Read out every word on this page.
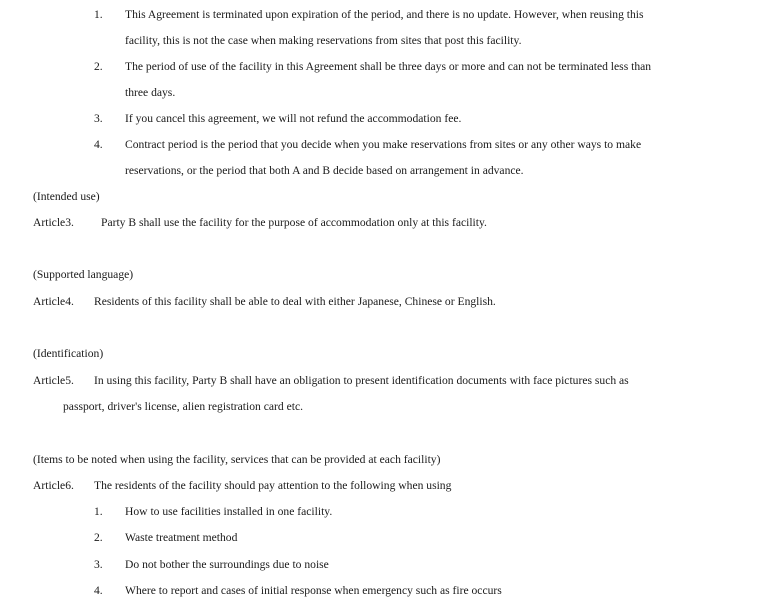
1. This Agreement is terminated upon expiration of the period, and there is no update. However, when reusing this
facility, this is not the case when making reservations from sites that post this facility.
2. The period of use of the facility in this Agreement shall be three days or more and can not be terminated less than
three days.
3. If you cancel this agreement, we will not refund the accommodation fee.
4. Contract period is the period that you decide when you make reservations from sites or any other ways to make
reservations, or the period that both A and B decide based on arrangement in advance.
(Intended use)
Article3. Party B shall use the facility for the purpose of accommodation only at this facility.
(Supported language)
Article4. Residents of this facility shall be able to deal with either Japanese, Chinese or English.
(Identification)
Article5. In using this facility, Party B shall have an obligation to present identification documents with face pictures such as
passport, driver's license, alien registration card etc.
(Items to be noted when using the facility, services that can be provided at each facility)
Article6. The residents of the facility should pay attention to the following when using
1. How to use facilities installed in one facility.
2. Waste treatment method
3. Do not bother the surroundings due to noise
4. Where to report and cases of initial response when emergency such as fire occurs
